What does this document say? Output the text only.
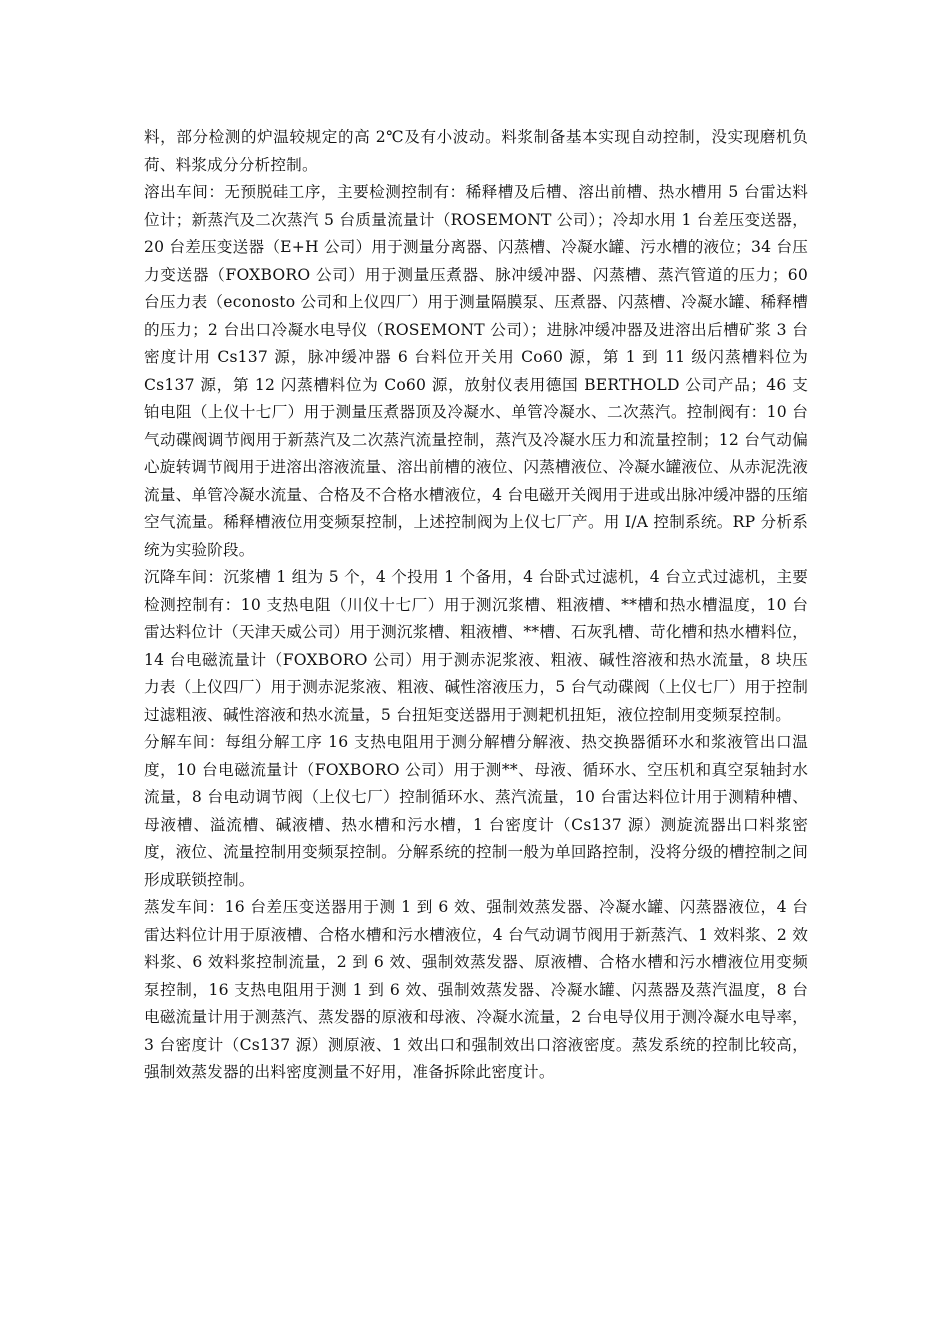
料，部分检测的炉温较规定的高 2℃及有小波动。料浆制备基本实现自动控制，没实现磨机负荷、料浆成分分析控制。

溶出车间：无预脱硅工序，主要检测控制有：稀释槽及后槽、溶出前槽、热水槽用 5 台雷达料位计；新蒸汽及二次蒸汽 5 台质量流量计（ROSEMONT 公司）；冷却水用 1 台差压变送器，20 台差压变送器（E+H 公司）用于测量分离器、闪蒸槽、冷凝水罐、污水槽的液位；34 台压力变送器（FOXBORO 公司）用于测量压煮器、脉冲缓冲器、闪蒸槽、蒸汽管道的压力；60 台压力表（econosto 公司和上仪四厂）用于测量隔膜泵、压煮器、闪蒸槽、冷凝水罐、稀释槽的压力；2 台出口冷凝水电导仪（ROSEMONT 公司）；进脉冲缓冲器及进溶出后槽矿浆 3 台密度计用 Cs137 源，脉冲缓冲器 6 台料位开关用 Co60 源，第 1 到 11 级闪蒸槽料位为 Cs137 源，第 12 闪蒸槽料位为 Co60 源，放射仪表用德国 BERTHOLD 公司产品；46 支铂电阻（上仪十七厂）用于测量压煮器顶及冷凝水、单管冷凝水、二次蒸汽。控制阀有：10 台气动碟阀调节阀用于新蒸汽及二次蒸汽流量控制，蒸汽及冷凝水压力和流量控制；12 台气动偏心旋转调节阀用于进溶出溶液流量、溶出前槽的液位、闪蒸槽液位、冷凝水罐液位、从赤泥洗液流量、单管冷凝水流量、合格及不合格水槽液位，4 台电磁开关阀用于进或出脉冲缓冲器的压缩空气流量。稀释槽液位用变频泵控制，上述控制阀为上仪七厂产。用 I/A 控制系统。RP 分析系统为实验阶段。

沉降车间：沉浆槽 1 组为 5 个，4 个投用 1 个备用，4 台卧式过滤机，4 台立式过滤机，主要检测控制有：10 支热电阻（川仪十七厂）用于测沉浆槽、粗液槽、**槽和热水槽温度，10 台雷达料位计（天津天威公司）用于测沉浆槽、粗液槽、**槽、石灰乳槽、苛化槽和热水槽料位，14 台电磁流量计（FOXBORO 公司）用于测赤泥浆液、粗液、碱性溶液和热水流量，8 块压力表（上仪四厂）用于测赤泥浆液、粗液、碱性溶液压力，5 台气动碟阀（上仪七厂）用于控制过滤粗液、碱性溶液和热水流量，5 台扭矩变送器用于测耙机扭矩，液位控制用变频泵控制。

分解车间：每组分解工序 16 支热电阻用于测分解槽分解液、热交换器循环水和浆液管出口温度，10 台电磁流量计（FOXBORO 公司）用于测**、母液、循环水、空压机和真空泵轴封水流量，8 台电动调节阀（上仪七厂）控制循环水、蒸汽流量，10 台雷达料位计用于测精种槽、母液槽、溢流槽、碱液槽、热水槽和污水槽，1 台密度计（Cs137 源）测旋流器出口料浆密度，液位、流量控制用变频泵控制。分解系统的控制一般为单回路控制，没将分级的槽控制之间形成联锁控制。

蒸发车间：16 台差压变送器用于测 1 到 6 效、强制效蒸发器、冷凝水罐、闪蒸器液位，4 台雷达料位计用于原液槽、合格水槽和污水槽液位，4 台气动调节阀用于新蒸汽、1 效料浆、2 效料浆、6 效料浆控制流量，2 到 6 效、强制效蒸发器、原液槽、合格水槽和污水槽液位用变频泵控制，16 支热电阻用于测 1 到 6 效、强制效蒸发器、冷凝水罐、闪蒸器及蒸汽温度，8 台电磁流量计用于测蒸汽、蒸发器的原液和母液、冷凝水流量，2 台电导仪用于测冷凝水电导率，3 台密度计（Cs137 源）测原液、1 效出口和强制效出口溶液密度。蒸发系统的控制比较高，强制效蒸发器的出料密度测量不好用，准备拆除此密度计。
